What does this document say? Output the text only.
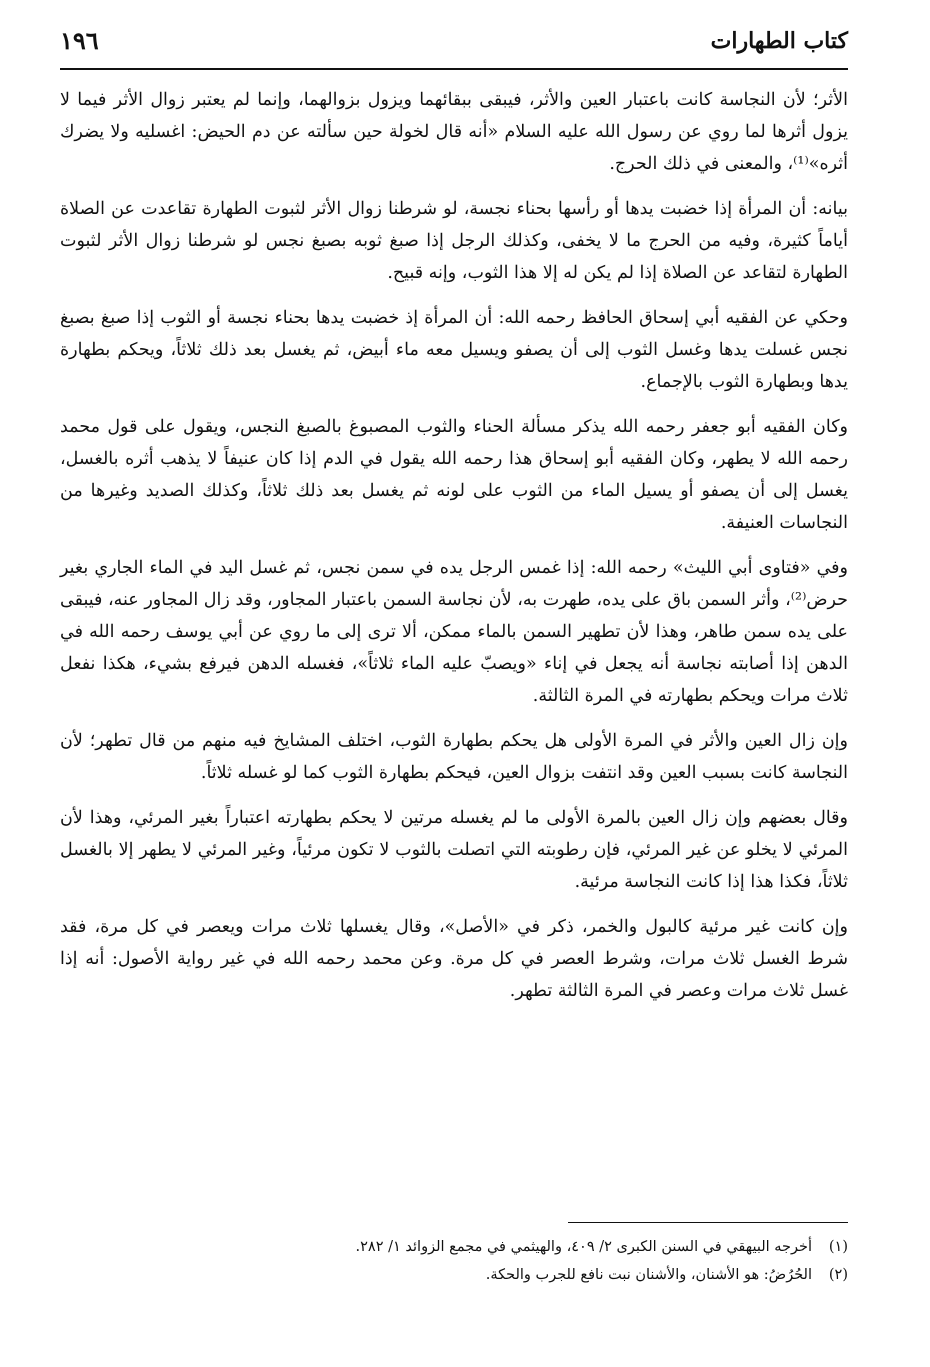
كتاب الطهارات
١٩٦

الأثر؛ لأن النجاسة كانت باعتبار العين والأثر، فيبقى ببقائهما ويزول بزوالهما، وإنما لم يعتبر زوال الأثر فيما لا يزول أثرها لما روي عن رسول الله عليه السلام «أنه قال لخولة حين سألته عن دم الحيض: اغسليه ولا يضرك أثره»⁽¹⁾، والمعنى في ذلك الحرج.

بيانه: أن المرأة إذا خضبت يدها أو رأسها بحناء نجسة، لو شرطنا زوال الأثر لثبوت الطهارة تقاعدت عن الصلاة أياماً كثيرة، وفيه من الحرج ما لا يخفى، وكذلك الرجل إذا صبغ ثوبه بصبغ نجس لو شرطنا زوال الأثر لثبوت الطهارة لتقاعد عن الصلاة إذا لم يكن له إلا هذا الثوب، وإنه قبيح.

وحكي عن الفقيه أبي إسحاق الحافظ رحمه الله: أن المرأة إذ خضبت يدها بحناء نجسة أو الثوب إذا صبغ بصبغ نجس غسلت يدها وغسل الثوب إلى أن يصفو ويسيل معه ماء أبيض، ثم يغسل بعد ذلك ثلاثاً، ويحكم بطهارة يدها وبطهارة الثوب بالإجماع.

وكان الفقيه أبو جعفر رحمه الله يذكر مسألة الحناء والثوب المصبوغ بالصبغ النجس، ويقول على قول محمد رحمه الله لا يطهر، وكان الفقيه أبو إسحاق هذا رحمه الله يقول في الدم إذا كان عنيفاً لا يذهب أثره بالغسل، يغسل إلى أن يصفو أو يسيل الماء من الثوب على لونه ثم يغسل بعد ذلك ثلاثاً، وكذلك الصديد وغيرها من النجاسات العنيفة.

وفي «فتاوى أبي الليث» رحمه الله: إذا غمس الرجل يده في سمن نجس، ثم غسل اليد في الماء الجاري بغير حرض⁽²⁾، وأثر السمن باق على يده، طهرت به، لأن نجاسة السمن باعتبار المجاور، وقد زال المجاور عنه، فيبقى على يده سمن طاهر، وهذا لأن تطهير السمن بالماء ممكن، ألا ترى إلى ما روي عن أبي يوسف رحمه الله في الدهن إذا أصابته نجاسة أنه يجعل في إناء «ويصبّ عليه الماء ثلاثاً»، فغسله الدهن فيرفع بشيء، هكذا نفعل ثلاث مرات ويحكم بطهارته في المرة الثالثة.

وإن زال العين والأثر في المرة الأولى هل يحكم بطهارة الثوب، اختلف المشايخ فيه منهم من قال تطهر؛ لأن النجاسة كانت بسبب العين وقد انتفت بزوال العين، فيحكم بطهارة الثوب كما لو غسله ثلاثاً.

وقال بعضهم وإن زال العين بالمرة الأولى ما لم يغسله مرتين لا يحكم بطهارته اعتباراً بغير المرئي، وهذا لأن المرئي لا يخلو عن غير المرئي، فإن رطوبته التي اتصلت بالثوب لا تكون مرئياً، وغير المرئي لا يطهر إلا بالغسل ثلاثاً، فكذا هذا إذا كانت النجاسة مرئية.

وإن كانت غير مرئية كالبول والخمر، ذكر في «الأصل»، وقال يغسلها ثلاث مرات ويعصر في كل مرة، فقد شرط الغسل ثلاث مرات، وشرط العصر في كل مرة. وعن محمد رحمه الله في غير رواية الأصول: أنه إذا غسل ثلاث مرات وعصر في المرة الثالثة تطهر.

(١)أخرجه البيهقي في السنن الكبرى ٢/ ٤٠٩، والهيثمي في مجمع الزوائد ١/ ٢٨٢.
(٢)الحُرُضُ: هو الأشنان، والأشنان نبت نافع للجرب والحكة.
